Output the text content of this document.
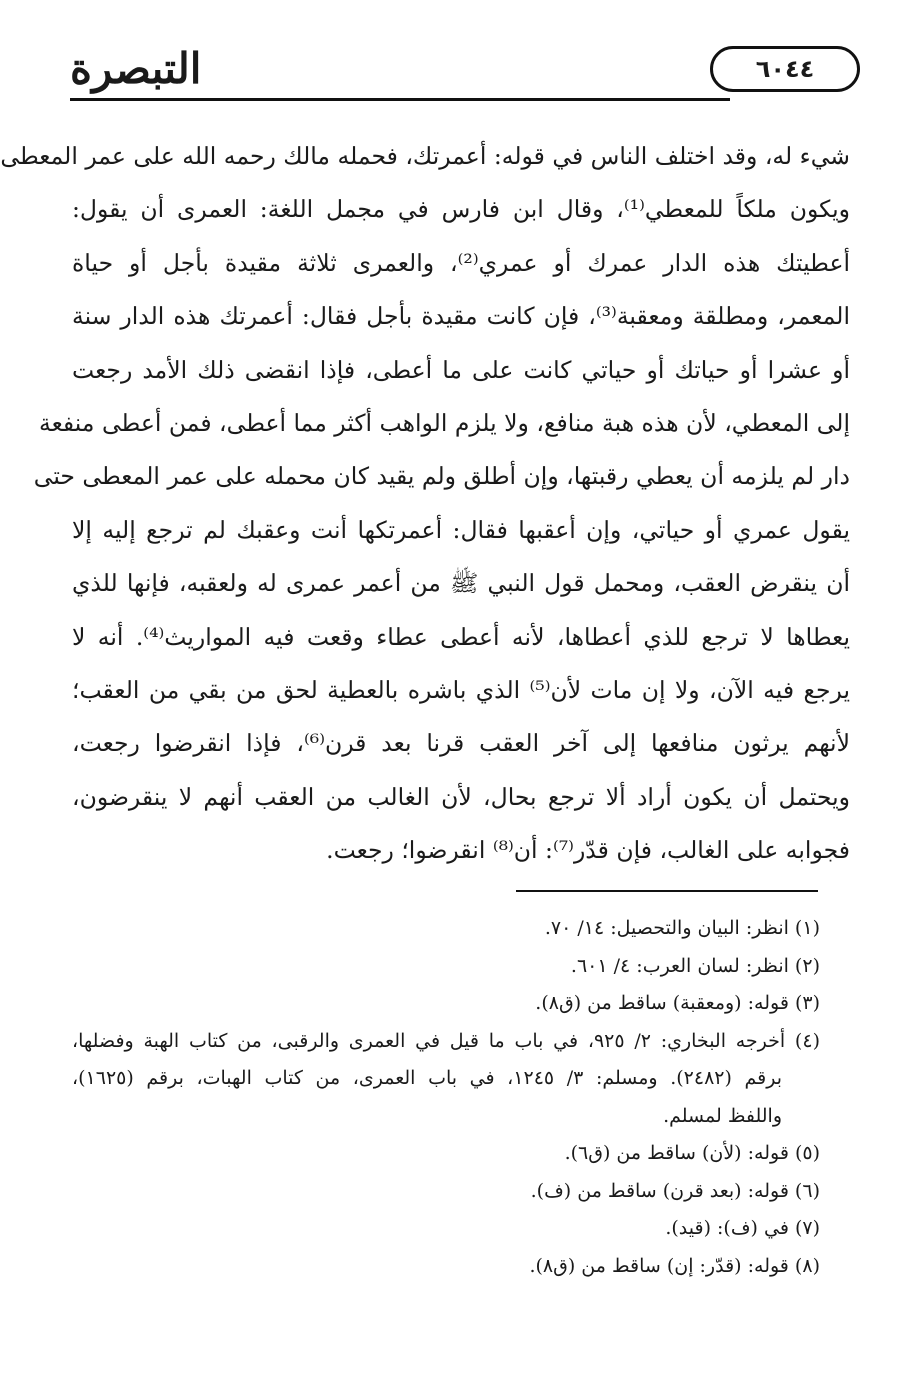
التبصرة	٦٠٤٤
شيء له، وقد اختلف الناس في قوله: أعمرتك، فحمله مالك رحمه الله على عمر المعطى
ويكون ملكاً للمعطي⁽¹⁾، وقال ابن فارس في مجمل اللغة: العمرى أن يقول:
أعطيتك هذه الدار عمرك أو عمري⁽²⁾، والعمرى ثلاثة مقيدة بأجل أو حياة
المعمر، ومطلقة ومعقبة⁽³⁾، فإن كانت مقيدة بأجل فقال: أعمرتك هذه الدار سنة
أو عشرا أو حياتك أو حياتي كانت على ما أعطى، فإذا انقضى ذلك الأمد رجعت
إلى المعطي، لأن هذه هبة منافع، ولا يلزم الواهب أكثر مما أعطى، فمن أعطى منفعة
دار لم يلزمه أن يعطي رقبتها، وإن أطلق ولم يقيد كان محمله على عمر المعطى حتى
يقول عمري أو حياتي، وإن أعقبها فقال: أعمرتكها أنت وعقبك لم ترجع إليه إلا
أن ينقرض العقب، ومحمل قول النبي ﷺ من أعمر عمرى له ولعقبه، فإنها للذي
يعطاها لا ترجع للذي أعطاها، لأنه أعطى عطاء وقعت فيه المواريث⁽⁴⁾. أنه لا
يرجع فيه الآن، ولا إن مات لأن⁽⁵⁾ الذي باشره بالعطية لحق من بقي من العقب؛
لأنهم يرثون منافعها إلى آخر العقب قرنا بعد قرن⁽⁶⁾، فإذا انقرضوا رجعت،
ويحتمل أن يكون أراد ألا ترجع بحال، لأن الغالب من العقب أنهم لا ينقرضون،
فجوابه على الغالب، فإن قدّر⁽⁷⁾: أن⁽⁸⁾ انقرضوا؛ رجعت.
(١) انظر: البيان والتحصيل: ١٤/ ٧٠.
(٢) انظر: لسان العرب: ٤/ ٦٠١.
(٣) قوله: (ومعقبة) ساقط من (ق٨).
(٤) أخرجه البخاري: ٢/ ٩٢٥، في باب ما قيل في العمرى والرقبى، من كتاب الهبة وفضلها،
برقم (٢٤٨٢). ومسلم: ٣/ ١٢٤٥، في باب العمرى، من كتاب الهبات، برقم (١٦٢٥)،
واللفظ لمسلم.
(٥) قوله: (لأن) ساقط من (ق٦).
(٦) قوله: (بعد قرن) ساقط من (ف).
(٧) في (ف): (قيد).
(٨) قوله: (قدّر: إن) ساقط من (ق٨).
